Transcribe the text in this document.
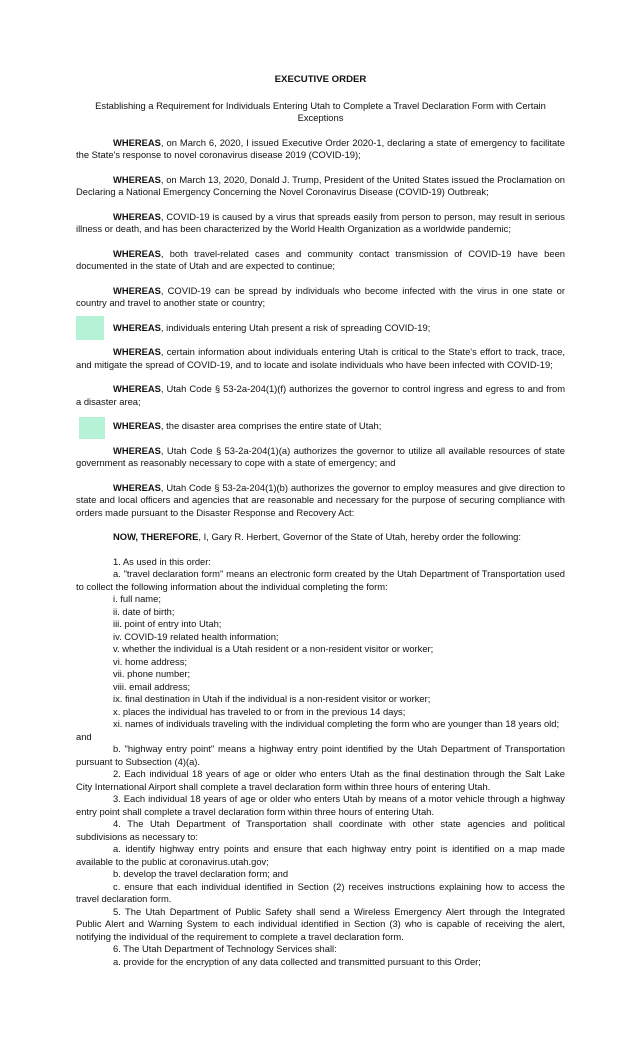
EXECUTIVE ORDER

Establishing a Requirement for Individuals Entering Utah to Complete a Travel Declaration Form with Certain Exceptions

WHEREAS, on March 6, 2020, I issued Executive Order 2020-1, declaring a state of emergency to facilitate the State's response to novel coronavirus disease 2019 (COVID-19);

WHEREAS, on March 13, 2020, Donald J. Trump, President of the United States issued the Proclamation on Declaring a National Emergency Concerning the Novel Coronavirus Disease (COVID-19) Outbreak;

WHEREAS, COVID-19 is caused by a virus that spreads easily from person to person, may result in serious illness or death, and has been characterized by the World Health Organization as a worldwide pandemic;

WHEREAS, both travel-related cases and community contact transmission of COVID-19 have been documented in the state of Utah and are expected to continue;

WHEREAS, COVID-19 can be spread by individuals who become infected with the virus in one state or country and travel to another state or country;

WHEREAS, individuals entering Utah present a risk of spreading COVID-19;

WHEREAS, certain information about individuals entering Utah is critical to the State's effort to track, trace, and mitigate the spread of COVID-19, and to locate and isolate individuals who have been infected with COVID-19;

WHEREAS, Utah Code § 53-2a-204(1)(f) authorizes the governor to control ingress and egress to and from a disaster area;

WHEREAS, the disaster area comprises the entire state of Utah;

WHEREAS, Utah Code § 53-2a-204(1)(a) authorizes the governor to utilize all available resources of state government as reasonably necessary to cope with a state of emergency; and

WHEREAS, Utah Code § 53-2a-204(1)(b) authorizes the governor to employ measures and give direction to state and local officers and agencies that are reasonable and necessary for the purpose of securing compliance with orders made pursuant to the Disaster Response and Recovery Act:

NOW, THEREFORE, I, Gary R. Herbert, Governor of the State of Utah, hereby order the following:

1. As used in this order:

a. "travel declaration form" means an electronic form created by the Utah Department of Transportation used to collect the following information about the individual completing the form:

i. full name;
ii. date of birth;
iii. point of entry into Utah;
iv. COVID-19 related health information;
v. whether the individual is a Utah resident or a non-resident visitor or worker;
vi. home address;
vii. phone number;
viii. email address;
ix. final destination in Utah if the individual is a non-resident visitor or worker;
x. places the individual has traveled to or from in the previous 14 days;
xi. names of individuals traveling with the individual completing the form who are younger than 18 years old;

and

b. "highway entry point" means a highway entry point identified by the Utah Department of Transportation pursuant to Subsection (4)(a).

2. Each individual 18 years of age or older who enters Utah as the final destination through the Salt Lake City International Airport shall complete a travel declaration form within three hours of entering Utah.

3. Each individual 18 years of age or older who enters Utah by means of a motor vehicle through a highway entry point shall complete a travel declaration form within three hours of entering Utah.

4. The Utah Department of Transportation shall coordinate with other state agencies and political subdivisions as necessary to:

a. identify highway entry points and ensure that each highway entry point is identified on a map made available to the public at coronavirus.utah.gov;

b. develop the travel declaration form; and

c. ensure that each individual identified in Section (2) receives instructions explaining how to access the travel declaration form.

5. The Utah Department of Public Safety shall send a Wireless Emergency Alert through the Integrated Public Alert and Warning System to each individual identified in Section (3) who is capable of receiving the alert, notifying the individual of the requirement to complete a travel declaration form.

6. The Utah Department of Technology Services shall:

a. provide for the encryption of any data collected and transmitted pursuant to this Order;
